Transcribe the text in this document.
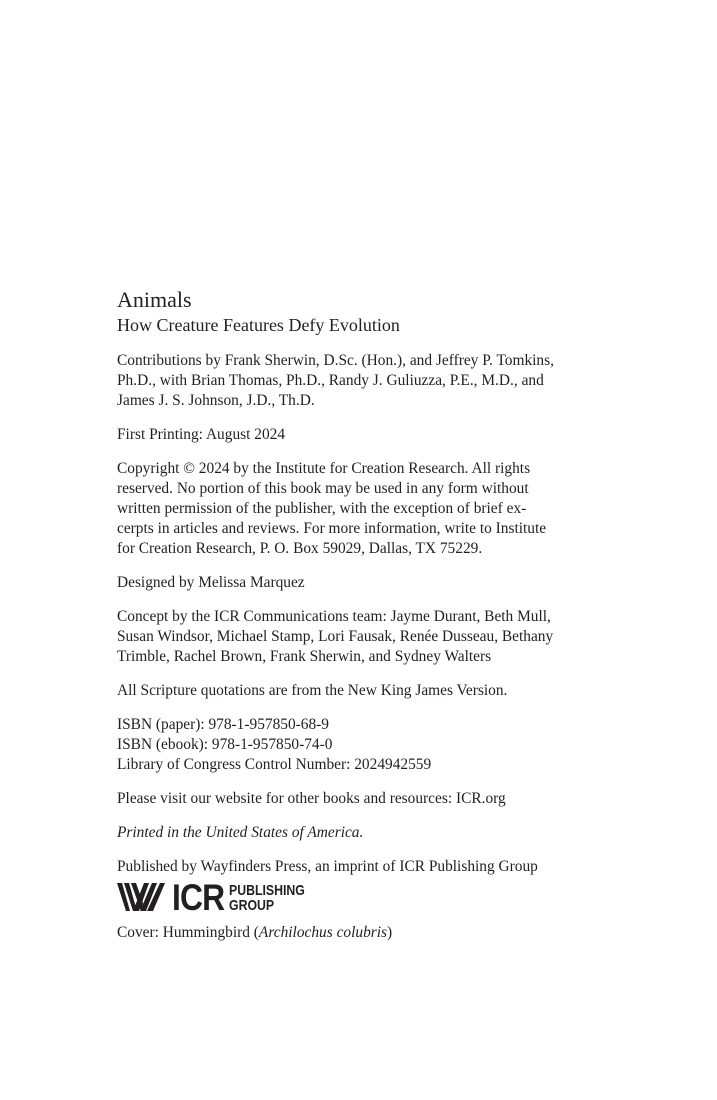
Animals
How Creature Features Defy Evolution
Contributions by Frank Sherwin, D.Sc. (Hon.), and Jeffrey P. Tomkins,
Ph.D., with Brian Thomas, Ph.D., Randy J. Guliuzza, P.E., M.D., and
James J. S. Johnson, J.D., Th.D.
First Printing: August 2024
Copyright © 2024 by the Institute for Creation Research. All rights
reserved. No portion of this book may be used in any form without
written permission of the publisher, with the exception of brief ex-
cerpts in articles and reviews. For more information, write to Institute
for Creation Research, P. O. Box 59029, Dallas, TX 75229.
Designed by Melissa Marquez
Concept by the ICR Communications team: Jayme Durant, Beth Mull,
Susan Windsor, Michael Stamp, Lori Fausak, Renée Dusseau, Bethany
Trimble, Rachel Brown, Frank Sherwin, and Sydney Walters
All Scripture quotations are from the New King James Version.
ISBN (paper): 978-1-957850-68-9
ISBN (ebook): 978-1-957850-74-0
Library of Congress Control Number: 2024942559
Please visit our website for other books and resources: ICR.org
Printed in the United States of America.
Published by Wayfinders Press, an imprint of ICR Publishing Group
ICR PUBLISHING
GROUP
Cover: Hummingbird (Archilochus colubris)
